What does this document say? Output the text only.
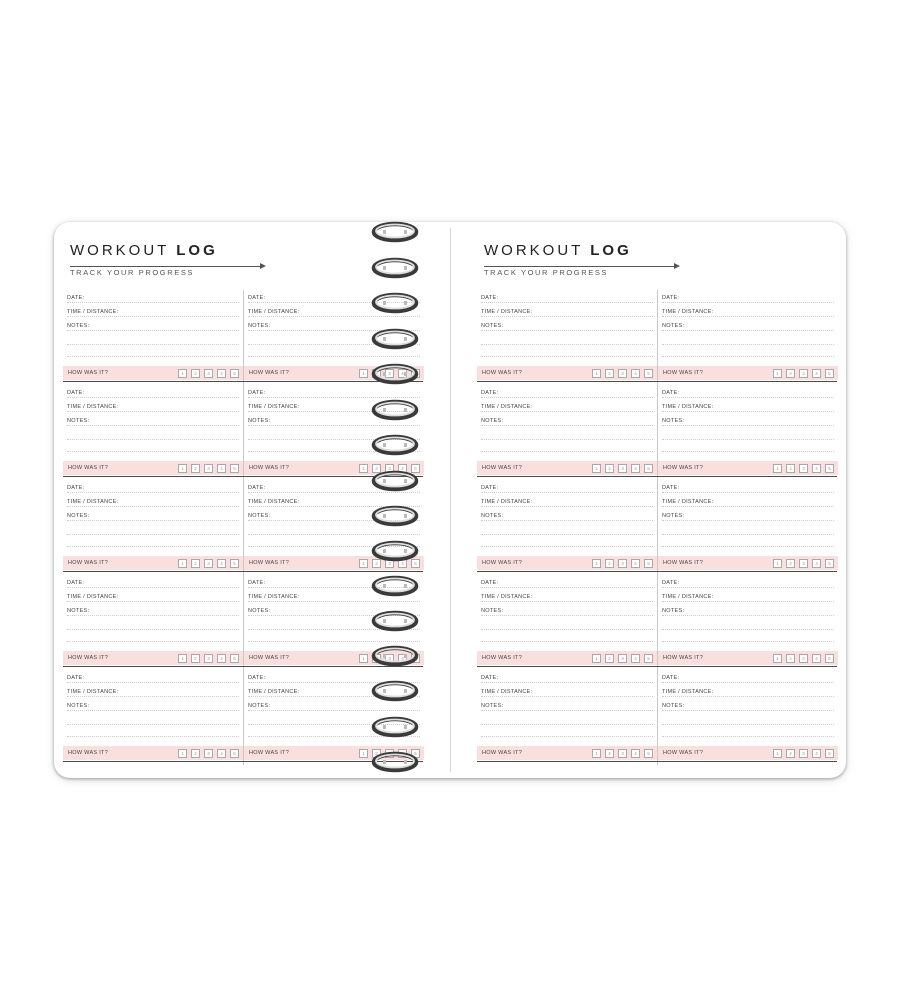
WORKOUT LOG
TRACK YOUR PROGRESS
DATE:
TIME / DISTANCE:
NOTES:
HOW WAS IT?	1	2	3	4	5
DATE:
TIME / DISTANCE:
NOTES:
HOW WAS IT?	1	2	3	4	5
DATE:
TIME / DISTANCE:
NOTES:
HOW WAS IT?	1	2	3	4	5
DATE:
TIME / DISTANCE:
NOTES:
HOW WAS IT?	1	2	3	4	5
DATE:
TIME / DISTANCE:
NOTES:
HOW WAS IT?	1	2	3	4	5
DATE:
TIME / DISTANCE:
NOTES:
HOW WAS IT?	1	2	3	4	5
DATE:
TIME / DISTANCE:
NOTES:
HOW WAS IT?	1	2	3	4	5
DATE:
TIME / DISTANCE:
NOTES:
HOW WAS IT?	1	2	3	4	5
DATE:
TIME / DISTANCE:
NOTES:
HOW WAS IT?	1	2	3	4	5
DATE:
TIME / DISTANCE:
NOTES:
HOW WAS IT?	1	2	3	4	5
WORKOUT LOG
TRACK YOUR PROGRESS
DATE:
TIME / DISTANCE:
NOTES:
HOW WAS IT?	1	2	3	4	5
DATE:
TIME / DISTANCE:
NOTES:
HOW WAS IT?	1	2	3	4	5
DATE:
TIME / DISTANCE:
NOTES:
HOW WAS IT?	1	2	3	4	5
DATE:
TIME / DISTANCE:
NOTES:
HOW WAS IT?	1	2	3	4	5
DATE:
TIME / DISTANCE:
NOTES:
HOW WAS IT?	1	2	3	4	5
DATE:
TIME / DISTANCE:
NOTES:
HOW WAS IT?	1	2	3	4	5
DATE:
TIME / DISTANCE:
NOTES:
HOW WAS IT?	1	2	3	4	5
DATE:
TIME / DISTANCE:
NOTES:
HOW WAS IT?	1	2	3	4	5
DATE:
TIME / DISTANCE:
NOTES:
HOW WAS IT?	1	2	3	4	5
DATE:
TIME / DISTANCE:
NOTES:
HOW WAS IT?	1	2	3	4	5
